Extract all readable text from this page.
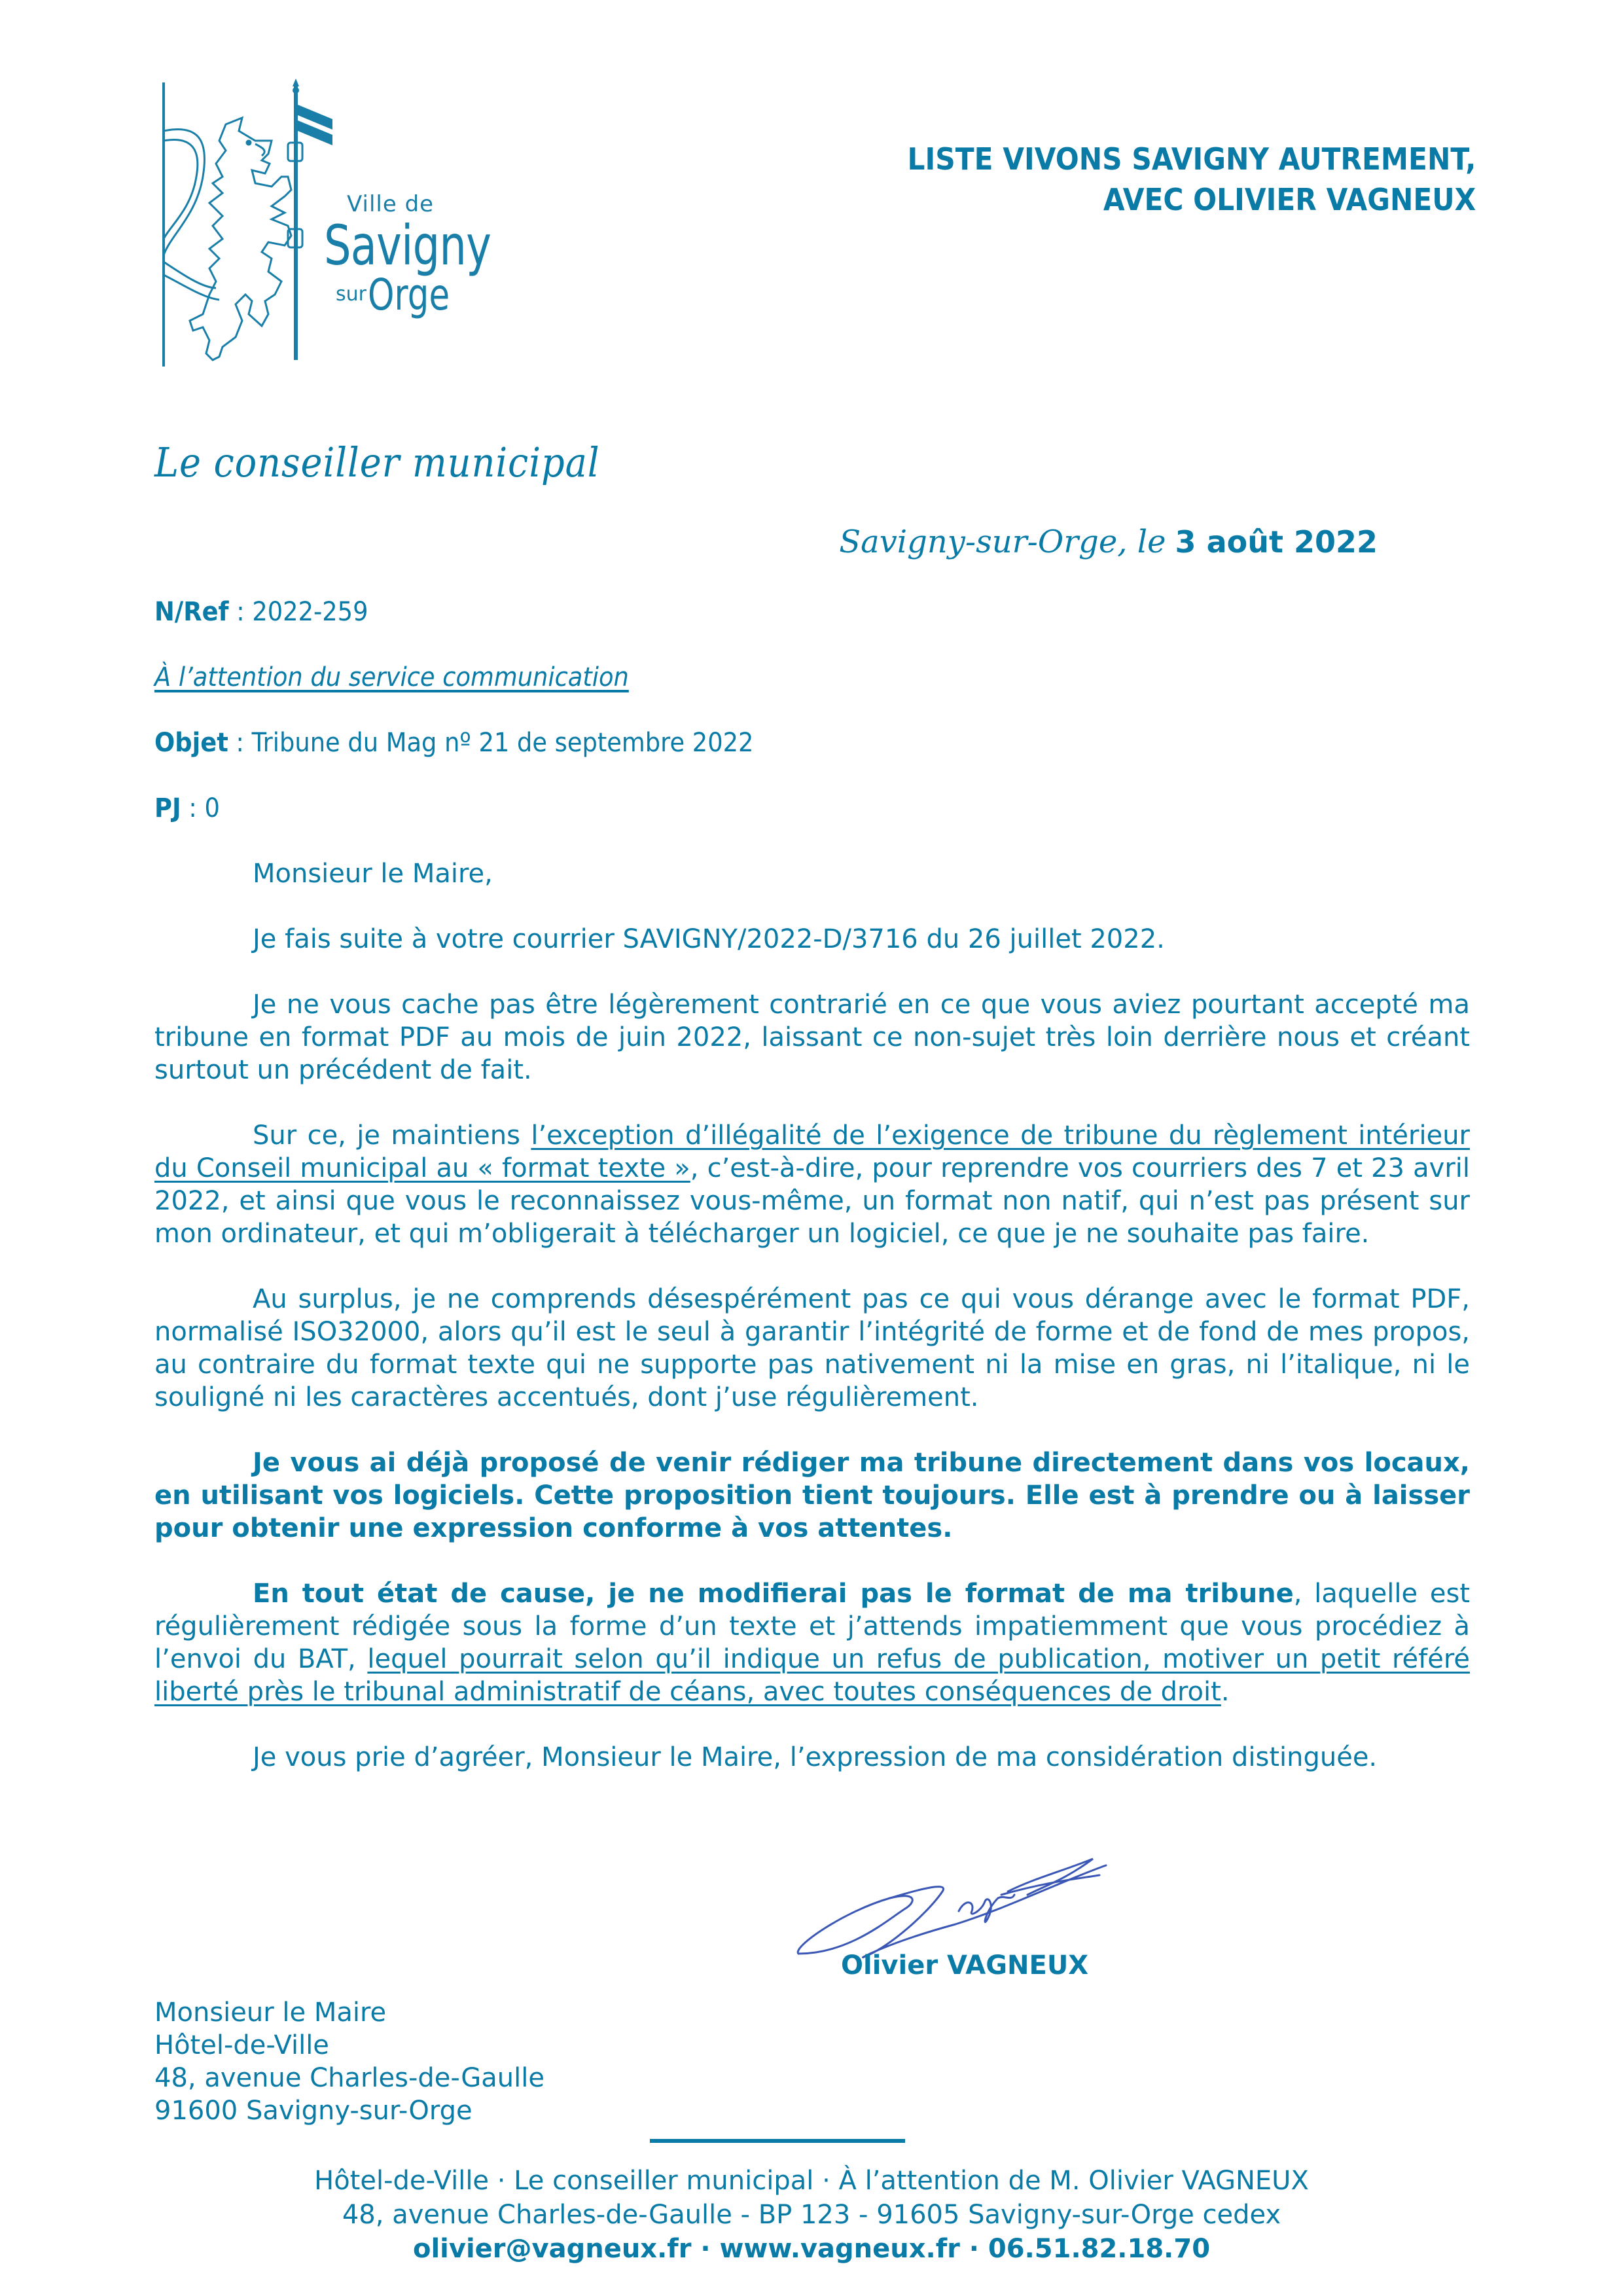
Ville de
Savigny
sur Orge
LISTE VIVONS SAVIGNY AUTREMENT,
AVEC OLIVIER VAGNEUX
Le conseiller municipal
Savigny-sur-Orge, le 3 août 2022
N/Ref : 2022-259
À l’attention du service communication
Objet : Tribune du Mag nº 21 de septembre 2022
PJ : 0

Monsieur le Maire,

Je fais suite à votre courrier SAVIGNY/2022-D/3716 du 26 juillet 2022.

Je ne vous cache pas être légèrement contrarié en ce que vous aviez pourtant accepté ma tribune en format PDF au mois de juin 2022, laissant ce non-sujet très loin derrière nous et créant surtout un précédent de fait.

Sur ce, je maintiens l’exception d’illégalité de l’exigence de tribune du règlement intérieur du Conseil municipal au « format texte », c’est-à-dire, pour reprendre vos courriers des 7 et 23 avril 2022, et ainsi que vous le reconnaissez vous-même, un format non natif, qui n’est pas présent sur mon ordinateur, et qui m’obligerait à télécharger un logiciel, ce que je ne souhaite pas faire.

Au surplus, je ne comprends désespérément pas ce qui vous dérange avec le format PDF, normalisé ISO32000, alors qu’il est le seul à garantir l’intégrité de forme et de fond de mes propos, au contraire du format texte qui ne supporte pas nativement ni la mise en gras, ni l’italique, ni le souligné ni les caractères accentués, dont j’use régulièrement.

Je vous ai déjà proposé de venir rédiger ma tribune directement dans vos locaux, en utilisant vos logiciels. Cette proposition tient toujours. Elle est à prendre ou à laisser pour obtenir une expression conforme à vos attentes.

En tout état de cause, je ne modifierai pas le format de ma tribune, laquelle est régulièrement rédigée sous la forme d’un texte et j’attends impatiemment que vous procédiez à l’envoi du BAT, lequel pourrait selon qu’il indique un refus de publication, motiver un petit référé liberté près le tribunal administratif de céans, avec toutes conséquences de droit.

Je vous prie d’agréer, Monsieur le Maire, l’expression de ma considération distinguée.

Olivier VAGNEUX
Monsieur le Maire
Hôtel-de-Ville
48, avenue Charles-de-Gaulle
91600 Savigny-sur-Orge
Hôtel-de-Ville · Le conseiller municipal · À l’attention de M. Olivier VAGNEUX
48, avenue Charles-de-Gaulle - BP 123 - 91605 Savigny-sur-Orge cedex
olivier@vagneux.fr · www.vagneux.fr · 06.51.82.18.70
